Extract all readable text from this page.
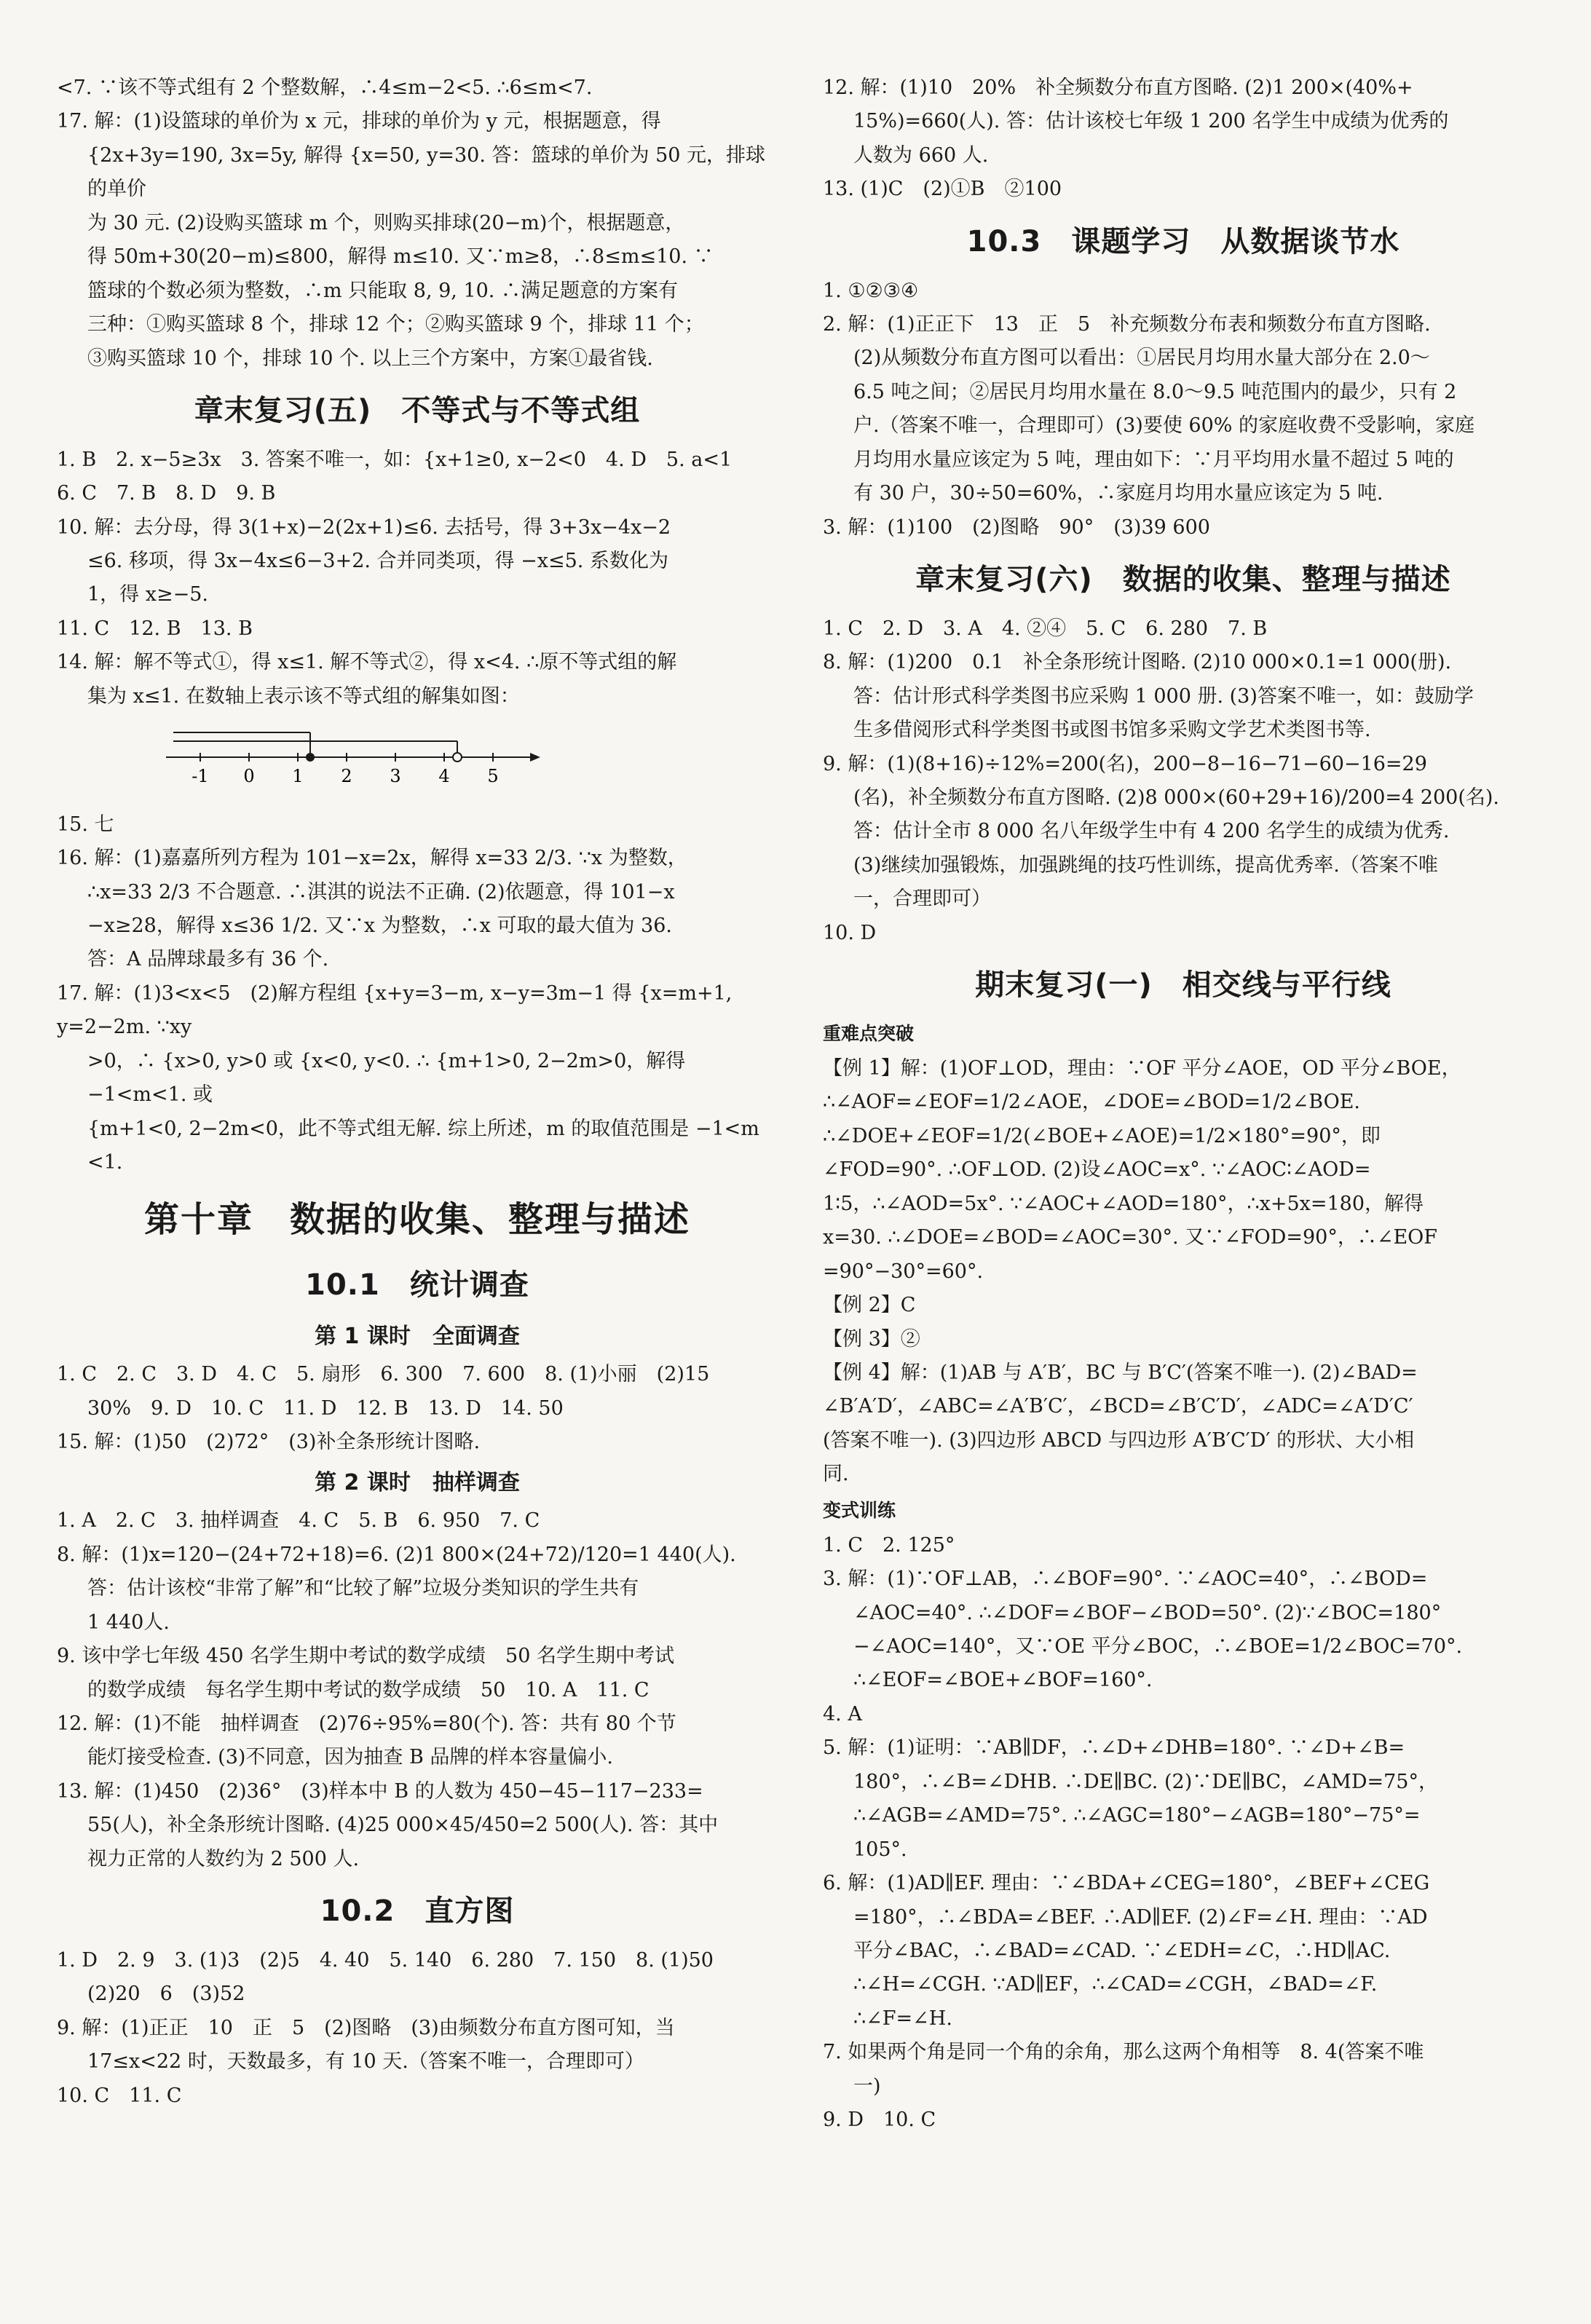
<7. ∵该不等式组有 2 个整数解，∴4≤m−2<5. ∴6≤m<7.

17. 解：(1)设篮球的单价为 x 元，排球的单价为 y 元，根据题意，得

{2x+3y=190, 3x=5y, 解得 {x=50, y=30. 答：篮球的单价为 50 元，排球的单价

为 30 元. (2)设购买篮球 m 个，则购买排球(20−m)个，根据题意，

得 50m+30(20−m)≤800，解得 m≤10. 又∵m≥8，∴8≤m≤10. ∵

篮球的个数必须为整数，∴m 只能取 8, 9, 10. ∴满足题意的方案有

三种：①购买篮球 8 个，排球 12 个；②购买篮球 9 个，排球 11 个；

③购买篮球 10 个，排球 10 个. 以上三个方案中，方案①最省钱.

章末复习(五)　不等式与不等式组

1. B　2. x−5≥3x　3. 答案不唯一，如：{x+1≥0, x−2<0　4. D　5. a<1

6. C　7. B　8. D　9. B

10. 解：去分母，得 3(1+x)−2(2x+1)≤6. 去括号，得 3+3x−4x−2

≤6. 移项，得 3x−4x≤6−3+2. 合并同类项，得 −x≤5. 系数化为

1，得 x≥−5.

11. C　12. B　13. B

14. 解：解不等式①，得 x≤1. 解不等式②，得 x<4. ∴原不等式组的解

集为 x≤1. 在数轴上表示该不等式组的解集如图：

-1 0 1 2 3 4 5

15. 七

16. 解：(1)嘉嘉所列方程为 101−x=2x，解得 x=33 2/3. ∵x 为整数，

∴x=33 2/3 不合题意. ∴淇淇的说法不正确. (2)依题意，得 101−x

−x≥28，解得 x≤36 1/2. 又∵x 为整数，∴x 可取的最大值为 36.

答：A 品牌球最多有 36 个.

17. 解：(1)3<x<5　(2)解方程组 {x+y=3−m, x−y=3m−1 得 {x=m+1, y=2−2m. ∵xy

>0，∴ {x>0, y>0 或 {x<0, y<0. ∴ {m+1>0, 2−2m>0，解得 −1<m<1. 或

{m+1<0, 2−2m<0，此不等式组无解. 综上所述，m 的取值范围是 −1<m

<1.

第十章　数据的收集、整理与描述
10.1　统计调查
第 1 课时　全面调查

1. C　2. C　3. D　4. C　5. 扇形　6. 300　7. 600　8. (1)小丽　(2)15

30%　9. D　10. C　11. D　12. B　13. D　14. 50

15. 解：(1)50　(2)72°　(3)补全条形统计图略.

第 2 课时　抽样调查

1. A　2. C　3. 抽样调查　4. C　5. B　6. 950　7. C

8. 解：(1)x=120−(24+72+18)=6. (2)1 800×(24+72)/120=1 440(人).

答：估计该校“非常了解”和“比较了解”垃圾分类知识的学生共有

1 440人.

9. 该中学七年级 450 名学生期中考试的数学成绩　50 名学生期中考试

的数学成绩　每名学生期中考试的数学成绩　50　10. A　11. C

12. 解：(1)不能　抽样调查　(2)76÷95%=80(个). 答：共有 80 个节

能灯接受检查. (3)不同意，因为抽查 B 品牌的样本容量偏小.

13. 解：(1)450　(2)36°　(3)样本中 B 的人数为 450−45−117−233=

55(人)，补全条形统计图略. (4)25 000×45/450=2 500(人). 答：其中

视力正常的人数约为 2 500 人.

10.2　直方图

1. D　2. 9　3. (1)3　(2)5　4. 40　5. 140　6. 280　7. 150　8. (1)50

(2)20　6　(3)52

9. 解：(1)正正　10　正　5　(2)图略　(3)由频数分布直方图可知，当

17≤x<22 时，天数最多，有 10 天.（答案不唯一，合理即可）

10. C　11. C

12. 解：(1)10　20%　补全频数分布直方图略. (2)1 200×(40%+

15%)=660(人). 答：估计该校七年级 1 200 名学生中成绩为优秀的

人数为 660 人.

13. (1)C　(2)①B　②100

10.3　课题学习　从数据谈节水

1. ①②③④

2. 解：(1)正正下　13　正　5　补充频数分布表和频数分布直方图略.

(2)从频数分布直方图可以看出：①居民月均用水量大部分在 2.0～

6.5 吨之间；②居民月均用水量在 8.0～9.5 吨范围内的最少，只有 2

户.（答案不唯一，合理即可）(3)要使 60% 的家庭收费不受影响，家庭

月均用水量应该定为 5 吨，理由如下：∵月平均用水量不超过 5 吨的

有 30 户，30÷50=60%，∴家庭月均用水量应该定为 5 吨.

3. 解：(1)100　(2)图略　90°　(3)39 600

章末复习(六)　数据的收集、整理与描述

1. C　2. D　3. A　4. ②④　5. C　6. 280　7. B

8. 解：(1)200　0.1　补全条形统计图略. (2)10 000×0.1=1 000(册).

答：估计形式科学类图书应采购 1 000 册. (3)答案不唯一，如：鼓励学

生多借阅形式科学类图书或图书馆多采购文学艺术类图书等.

9. 解：(1)(8+16)÷12%=200(名)，200−8−16−71−60−16=29

(名)，补全频数分布直方图略. (2)8 000×(60+29+16)/200=4 200(名).

答：估计全市 8 000 名八年级学生中有 4 200 名学生的成绩为优秀.

(3)继续加强锻炼，加强跳绳的技巧性训练，提高优秀率.（答案不唯

一，合理即可）

10. D

期末复习(一)　相交线与平行线
重难点突破

【例 1】解：(1)OF⊥OD，理由：∵OF 平分∠AOE，OD 平分∠BOE，

∴∠AOF=∠EOF=1/2∠AOE，∠DOE=∠BOD=1/2∠BOE.

∴∠DOE+∠EOF=1/2(∠BOE+∠AOE)=1/2×180°=90°，即

∠FOD=90°. ∴OF⊥OD. (2)设∠AOC=x°. ∵∠AOC∶∠AOD=

1∶5，∴∠AOD=5x°. ∵∠AOC+∠AOD=180°，∴x+5x=180，解得

x=30. ∴∠DOE=∠BOD=∠AOC=30°. 又∵∠FOD=90°，∴∠EOF

=90°−30°=60°.

【例 2】C

【例 3】②

【例 4】解：(1)AB 与 A′B′，BC 与 B′C′(答案不唯一). (2)∠BAD=

∠B′A′D′，∠ABC=∠A′B′C′，∠BCD=∠B′C′D′，∠ADC=∠A′D′C′

(答案不唯一). (3)四边形 ABCD 与四边形 A′B′C′D′ 的形状、大小相

同.

变式训练

1. C　2. 125°

3. 解：(1)∵OF⊥AB，∴∠BOF=90°. ∵∠AOC=40°，∴∠BOD=

∠AOC=40°. ∴∠DOF=∠BOF−∠BOD=50°. (2)∵∠BOC=180°

−∠AOC=140°，又∵OE 平分∠BOC，∴∠BOE=1/2∠BOC=70°.

∴∠EOF=∠BOE+∠BOF=160°.

4. A

5. 解：(1)证明：∵AB∥DF，∴∠D+∠DHB=180°. ∵∠D+∠B=

180°，∴∠B=∠DHB. ∴DE∥BC. (2)∵DE∥BC，∠AMD=75°，

∴∠AGB=∠AMD=75°. ∴∠AGC=180°−∠AGB=180°−75°=

105°.

6. 解：(1)AD∥EF. 理由：∵∠BDA+∠CEG=180°，∠BEF+∠CEG

=180°，∴∠BDA=∠BEF. ∴AD∥EF. (2)∠F=∠H. 理由：∵AD

平分∠BAC，∴∠BAD=∠CAD. ∵∠EDH=∠C，∴HD∥AC.

∴∠H=∠CGH. ∵AD∥EF，∴∠CAD=∠CGH，∠BAD=∠F.

∴∠F=∠H.

7. 如果两个角是同一个角的余角，那么这两个角相等　8. 4(答案不唯

一)

9. D　10. C
